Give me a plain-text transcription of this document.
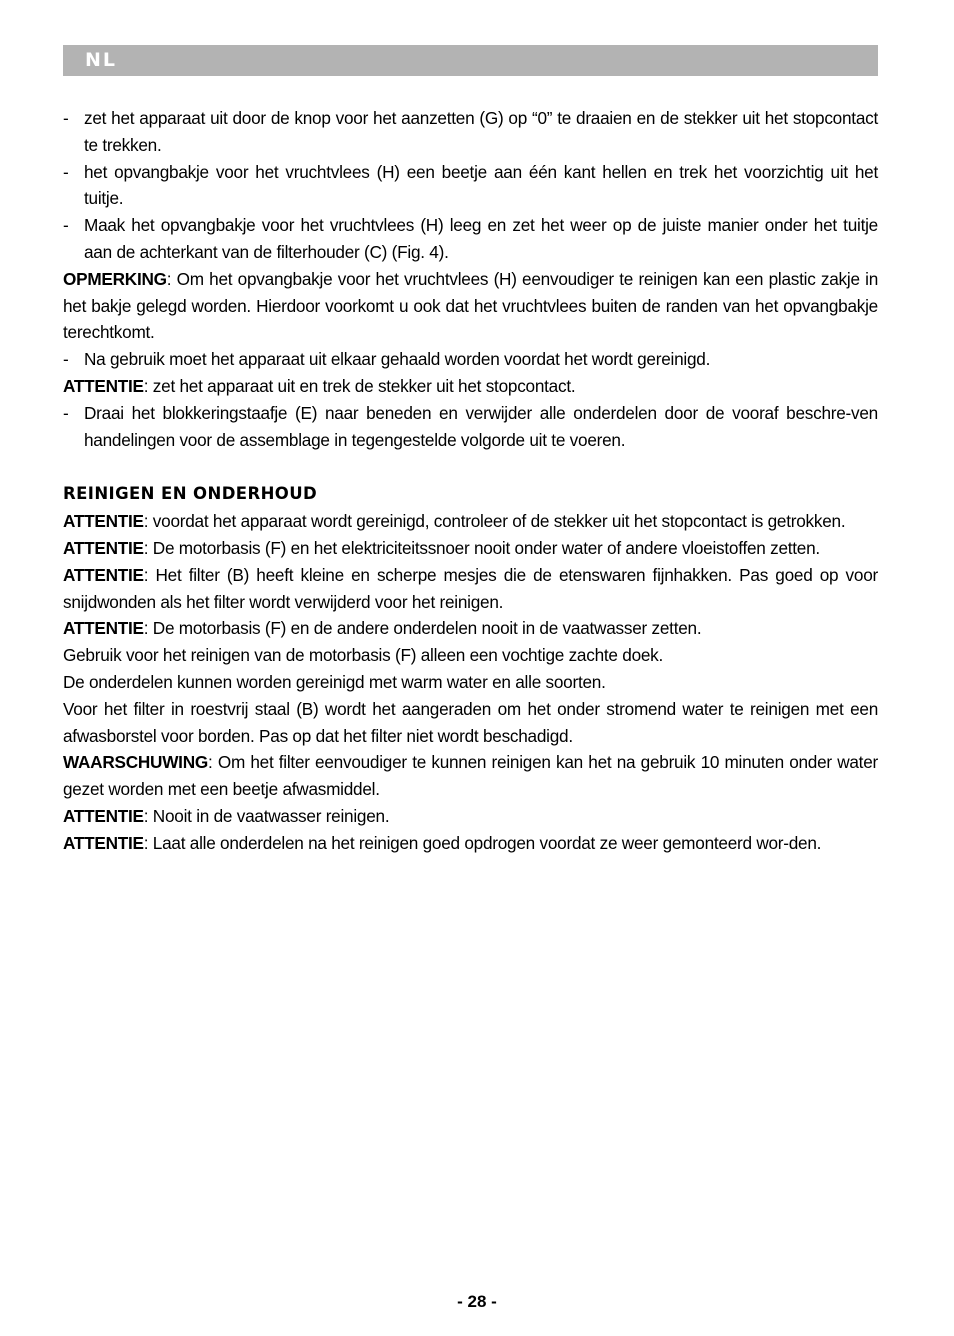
NL

- zet het apparaat uit door de knop voor het aanzetten (G) op “0” te draaien en de stekker uit het stopcontact te trekken.

- het opvangbakje voor het vruchtvlees (H) een beetje aan één kant hellen en trek het voorzichtig uit het tuitje.

- Maak het opvangbakje voor het vruchtvlees (H) leeg en zet het weer op de juiste manier onder het tuitje aan de achterkant van de filterhouder (C) (Fig. 4).

OPMERKING: Om het opvangbakje voor het vruchtvlees (H) eenvoudiger te reinigen kan een plastic zakje in het bakje gelegd worden. Hierdoor voorkomt u ook dat het vruchtvlees buiten de randen van het opvangbakje terechtkomt.

- Na gebruik moet het apparaat uit elkaar gehaald worden voordat het wordt gereinigd.

ATTENTIE: zet het apparaat uit en trek de stekker uit het stopcontact.

- Draai het blokkeringstaafje (E) naar beneden en verwijder alle onderdelen door de vooraf beschre-ven handelingen voor de assemblage in tegengestelde volgorde uit te voeren.

REINIGEN EN ONDERHOUD

ATTENTIE: voordat het apparaat wordt gereinigd, controleer of de stekker uit het stopcontact is getrokken.

ATTENTIE: De motorbasis (F) en het elektriciteitssnoer nooit onder water of andere vloeistoffen zetten.

ATTENTIE: Het filter (B) heeft kleine en scherpe mesjes die de etenswaren fijnhakken. Pas goed op voor snijdwonden als het filter wordt verwijderd voor het reinigen.

ATTENTIE: De motorbasis (F) en de andere onderdelen nooit in de vaatwasser zetten.

Gebruik voor het reinigen van de motorbasis (F) alleen een vochtige zachte doek.

De onderdelen kunnen worden gereinigd met warm water en alle soorten.

Voor het filter in roestvrij staal (B) wordt het aangeraden om het onder stromend water te reinigen met een afwasborstel voor borden. Pas op dat het filter niet wordt beschadigd.

WAARSCHUWING: Om het filter eenvoudiger te kunnen reinigen kan het na gebruik 10 minuten onder water gezet worden met een beetje afwasmiddel.

ATTENTIE: Nooit in de vaatwasser reinigen.

ATTENTIE: Laat alle onderdelen na het reinigen goed opdrogen voordat ze weer gemonteerd wor-den.

- 28 -
